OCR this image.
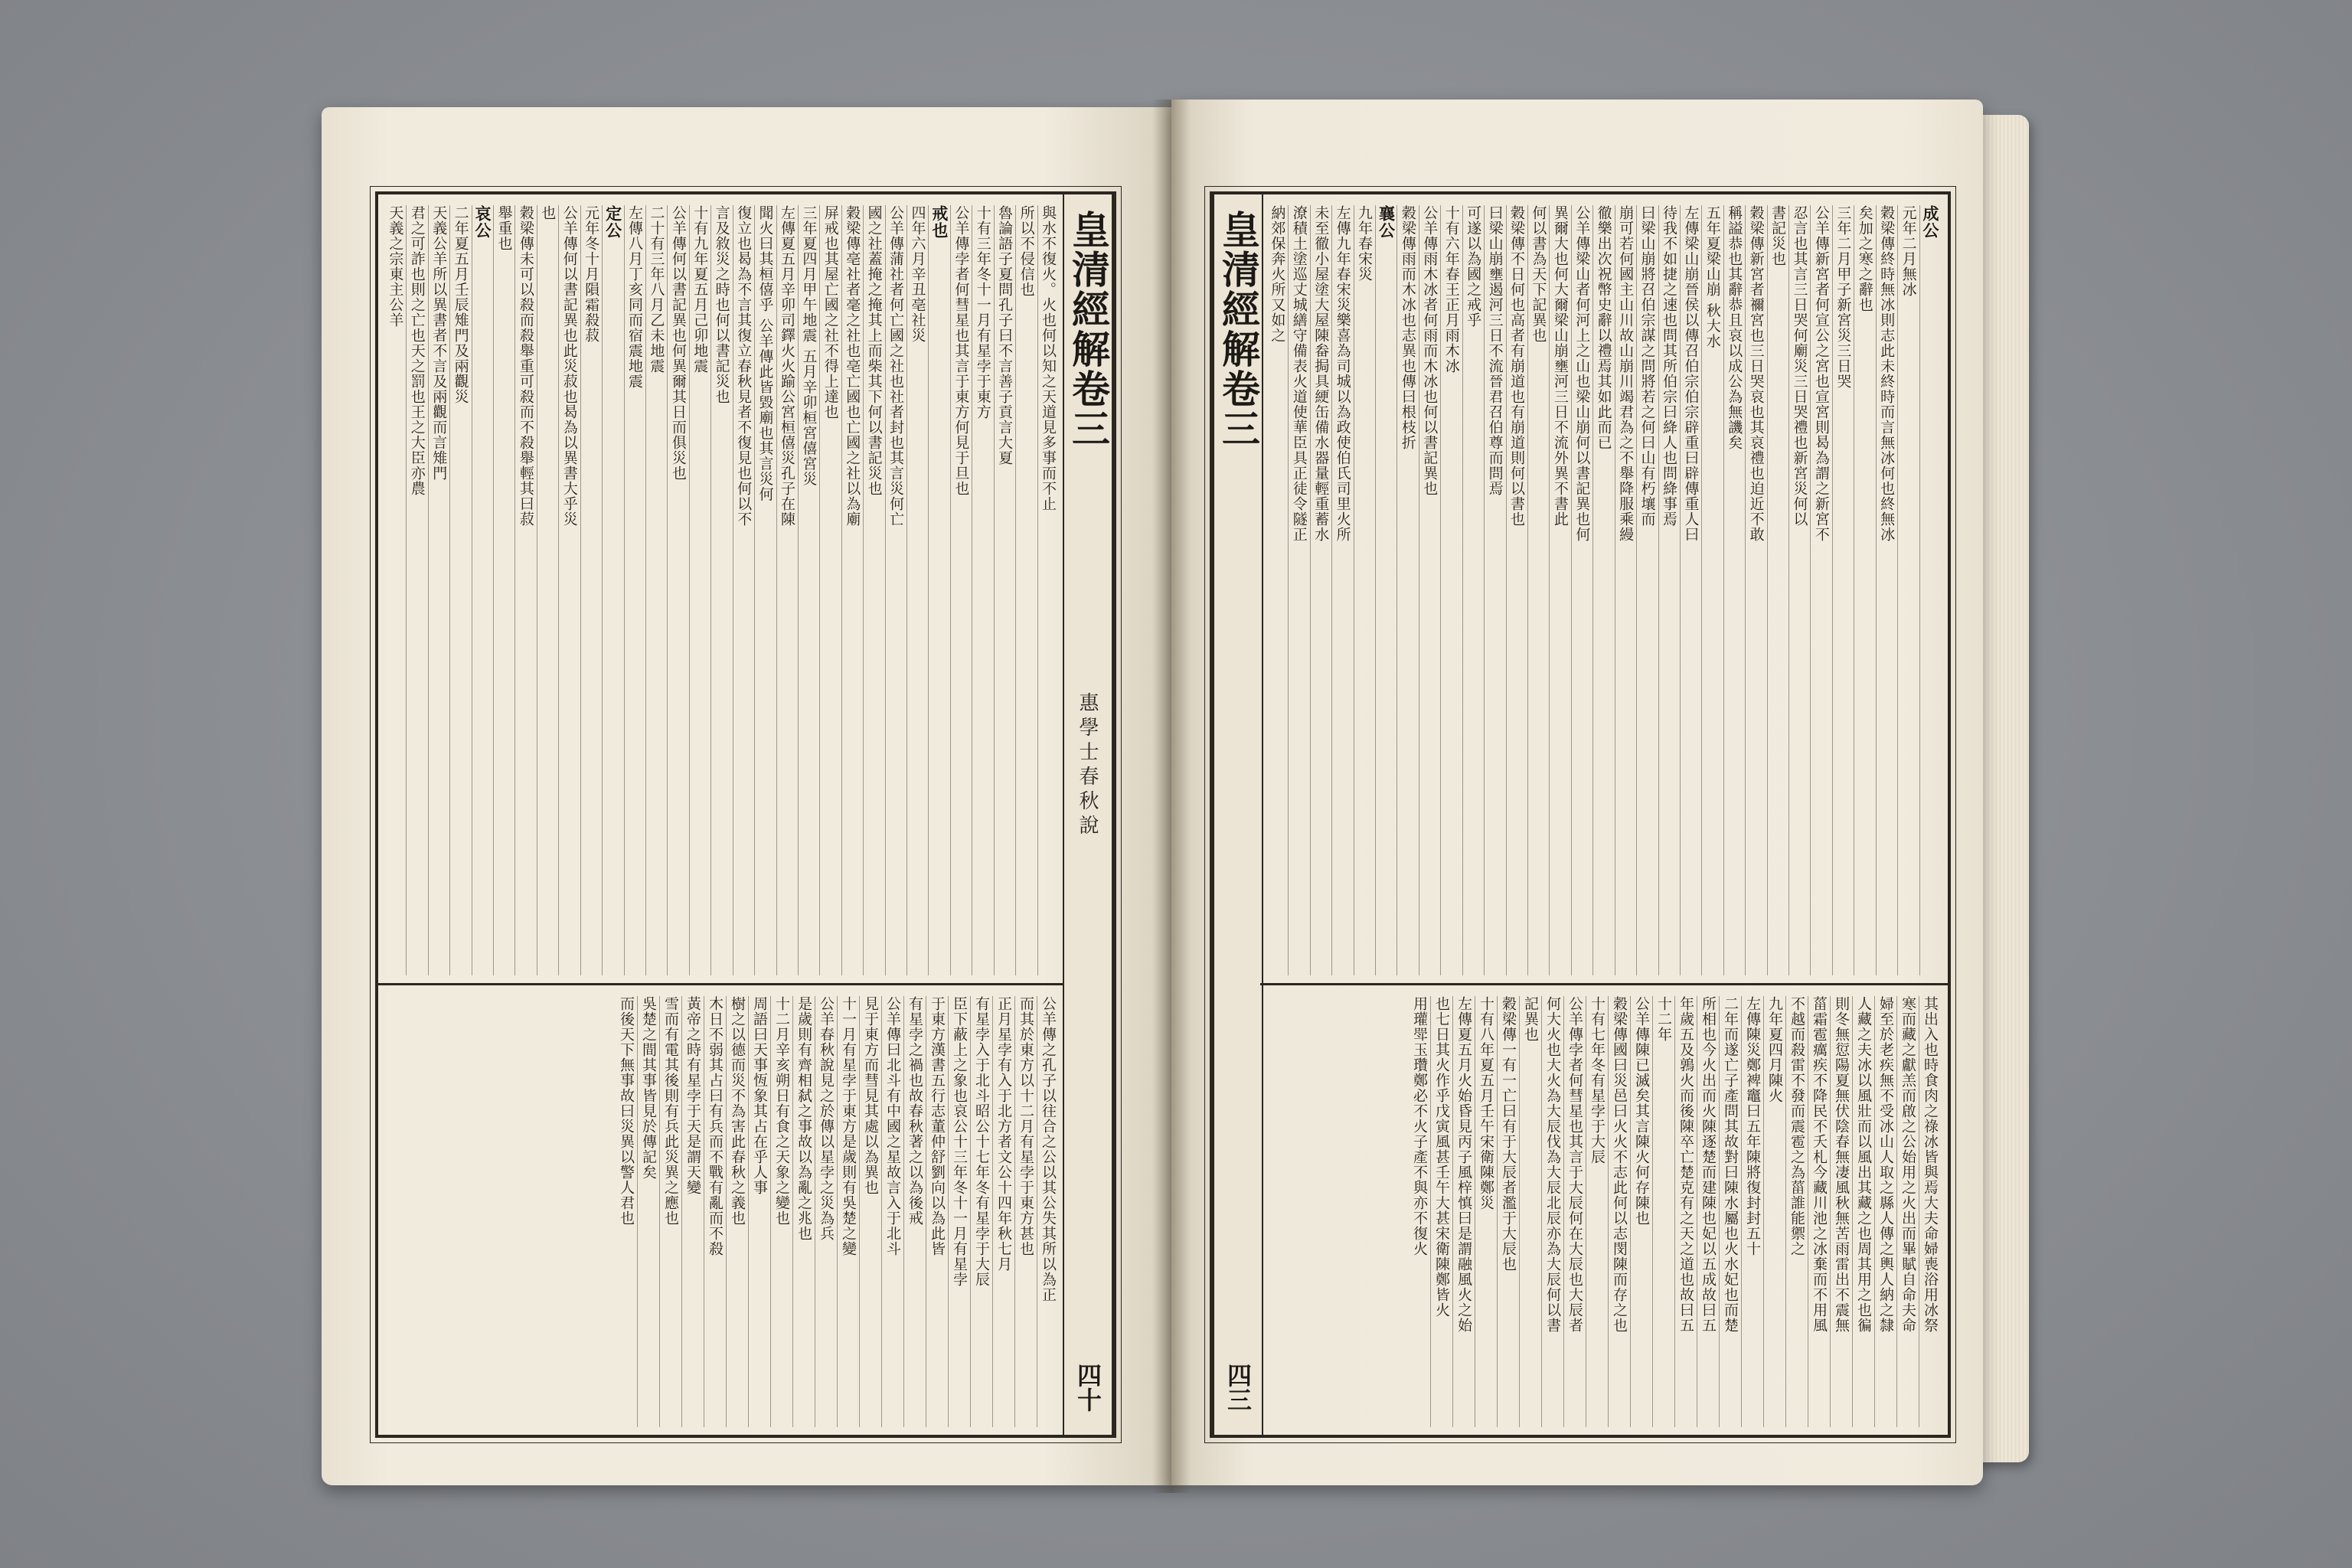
與水不復火。火也何以知之天道見多事而不止
所以不侵信也
魯論語子夏問孔子曰不言善子貢言大夏
十有三年冬十一月有星孛于東方
公羊傳孛者何彗星也其言于東方何見于旦也
戒也
四年六月辛丑亳社災
公羊傳蒲社者何亡國之社也社者封也其言災何亡
國之社蓋掩之掩其上而柴其下何以書記災也
穀梁傳亳社者毫之社也亳亡國也亡國之社以為廟
屏戒也其屋亡國之社不得上達也
三年夏四月甲午地震 五月辛卯桓宮僖宮災
左傳夏五月辛卯司鐸火火踰公宮桓僖災孔子在陳
聞火曰其桓僖乎 公羊傳此皆毀廟也其言災何
復立也曷為不言其復立春秋見者不復見也何以不
言及敘災之時也何以書記災也
十有九年夏五月己卯地震
公羊傳何以書記異也何異爾其日而俱災也
二十有三年八月乙未地震
左傳八月丁亥同而宿震地震
定公
元年冬十月隕霜殺菽
公羊傳何以書記異也此災菽也曷為以異書大乎災
也
穀梁傳未可以殺而殺舉重可殺而不殺舉輕其曰菽
舉重也
哀公
二年夏五月壬辰雉門及兩觀災
天義公羊所以異書者不言及兩觀而言雉門
君之可詐也則之亡也天之罰也王之大臣亦農
天義之宗東主公羊
公羊傳之孔子以往合之公以其公失其所以為正
而其於東方以十二月有星孛于東方甚也
正月星孛有入于北方者文公十四年秋七月
有星孛入于北斗昭公十七年冬有星孛于大辰
臣下蔽上之象也哀公十三年冬十一月有星孛
于東方漢書五行志董仲舒劉向以為此皆
有星孛之禍也故春秋著之以為後戒
公羊傳曰北斗有中國之星故言入于北斗
見于東方而彗見其處以為異也
十一月有星孛于東方是歲則有吳楚之變
公羊春秋說見之於傳以星孛之災為兵
是歲則有齊相弑之事故以為亂之兆也
十二月辛亥朔日有食之天象之變也
周語曰天事恆象其占在乎人事
樹之以德而災不為害此春秋之義也
木日不弱其占曰有兵而不戰有亂而不殺
黃帝之時有星孛于天是謂天變
雪而有電其後則有兵此災異之應也
吳楚之間其事皆見於傳記矣
而後天下無事故曰災異以警人君也
皇清經解卷三
惠學士春秋說
四十
皇清經解卷三
四三
成公
元年二月無冰
穀梁傳終時無冰則志此未終時而言無冰何也終無冰
矣加之寒之辭也
三年二月甲子新宮災三日哭
公羊傳新宮者何宣公之宮也宣宮則曷為謂之新宮不
忍言也其言三日哭何廟災三日哭禮也新宮災何以
書記災也
穀梁傳新宮者禰宮也三日哭哀也其哀禮也迫近不敢
稱謚恭也其辭恭且哀以成公為無譏矣
五年夏梁山崩 秋大水
左傳梁山崩晉侯以傳召伯宗伯宗辟重曰辟傳重人曰
待我不如捷之速也問其所伯宗曰絳人也問絳事焉
曰梁山崩將召伯宗謀之問將若之何曰山有朽壤而
崩可若何國主山川故山崩川竭君為之不舉降服乘縵
徹樂出次祝幣史辭以禮焉其如此而已
公羊傳梁山者何河上之山也梁山崩何以書記異也何
異爾大也何大爾梁山崩壅河三日不流外異不書此
何以書為天下記異也
穀梁傳不日何也高者有崩道也有崩道則何以書也
曰梁山崩壅遏河三日不流晉君召伯尊而問焉
可遂以為國之戒乎
十有六年春王正月雨木冰
公羊傳雨木冰者何雨而木冰也何以書記異也
穀梁傳雨而木冰也志異也傳曰根枝折
襄公
九年春宋災
左傳九年春宋災樂喜為司城以為政使伯氏司里火所
未至徹小屋塗大屋陳畚挶具綆缶備水器量輕重蓄水
潦積土塗巡丈城繕守備表火道使華臣具正徒令隧正
納郊保奔火所又如之
其出入也時食肉之祿冰皆與焉大夫命婦喪浴用冰祭
寒而藏之獻羔而啟之公始用之火出而畢賦自命夫命
婦至於老疾無不受冰山人取之縣人傳之輿人納之隸
人藏之夫冰以風壯而以風出其藏之也周其用之也徧
則冬無愆陽夏無伏陰春無凄風秋無苦雨雷出不震無
菑霜雹癘疾不降民不夭札今藏川池之冰棄而不用風
不越而殺雷不發而震雹之為菑誰能禦之
九年夏四月陳火
左傳陳災鄭裨竈曰五年陳將復封封五十
二年而遂亡子產問其故對曰陳水屬也火水妃也而楚
所相也今火出而火陳逐楚而建陳也妃以五成故曰五
年歲五及鶉火而後陳卒亡楚克有之天之道也故曰五
十二年
公羊傳陳已滅矣其言陳火何存陳也
穀梁傳國曰災邑曰火火不志此何以志閔陳而存之也
十有七年冬有星孛于大辰
公羊傳孛者何彗星也其言于大辰何在大辰也大辰者
何大火也大火為大辰伐為大辰北辰亦為大辰何以書
記異也
穀梁傳一有一亡曰有于大辰者濫于大辰也
十有八年夏五月壬午宋衛陳鄭災
左傳夏五月火始昏見丙子風梓慎曰是謂融風火之始
也七日其火作乎戊寅風甚壬午大甚宋衛陳鄭皆火
用瓘斝玉瓚鄭必不火子產不與亦不復火
